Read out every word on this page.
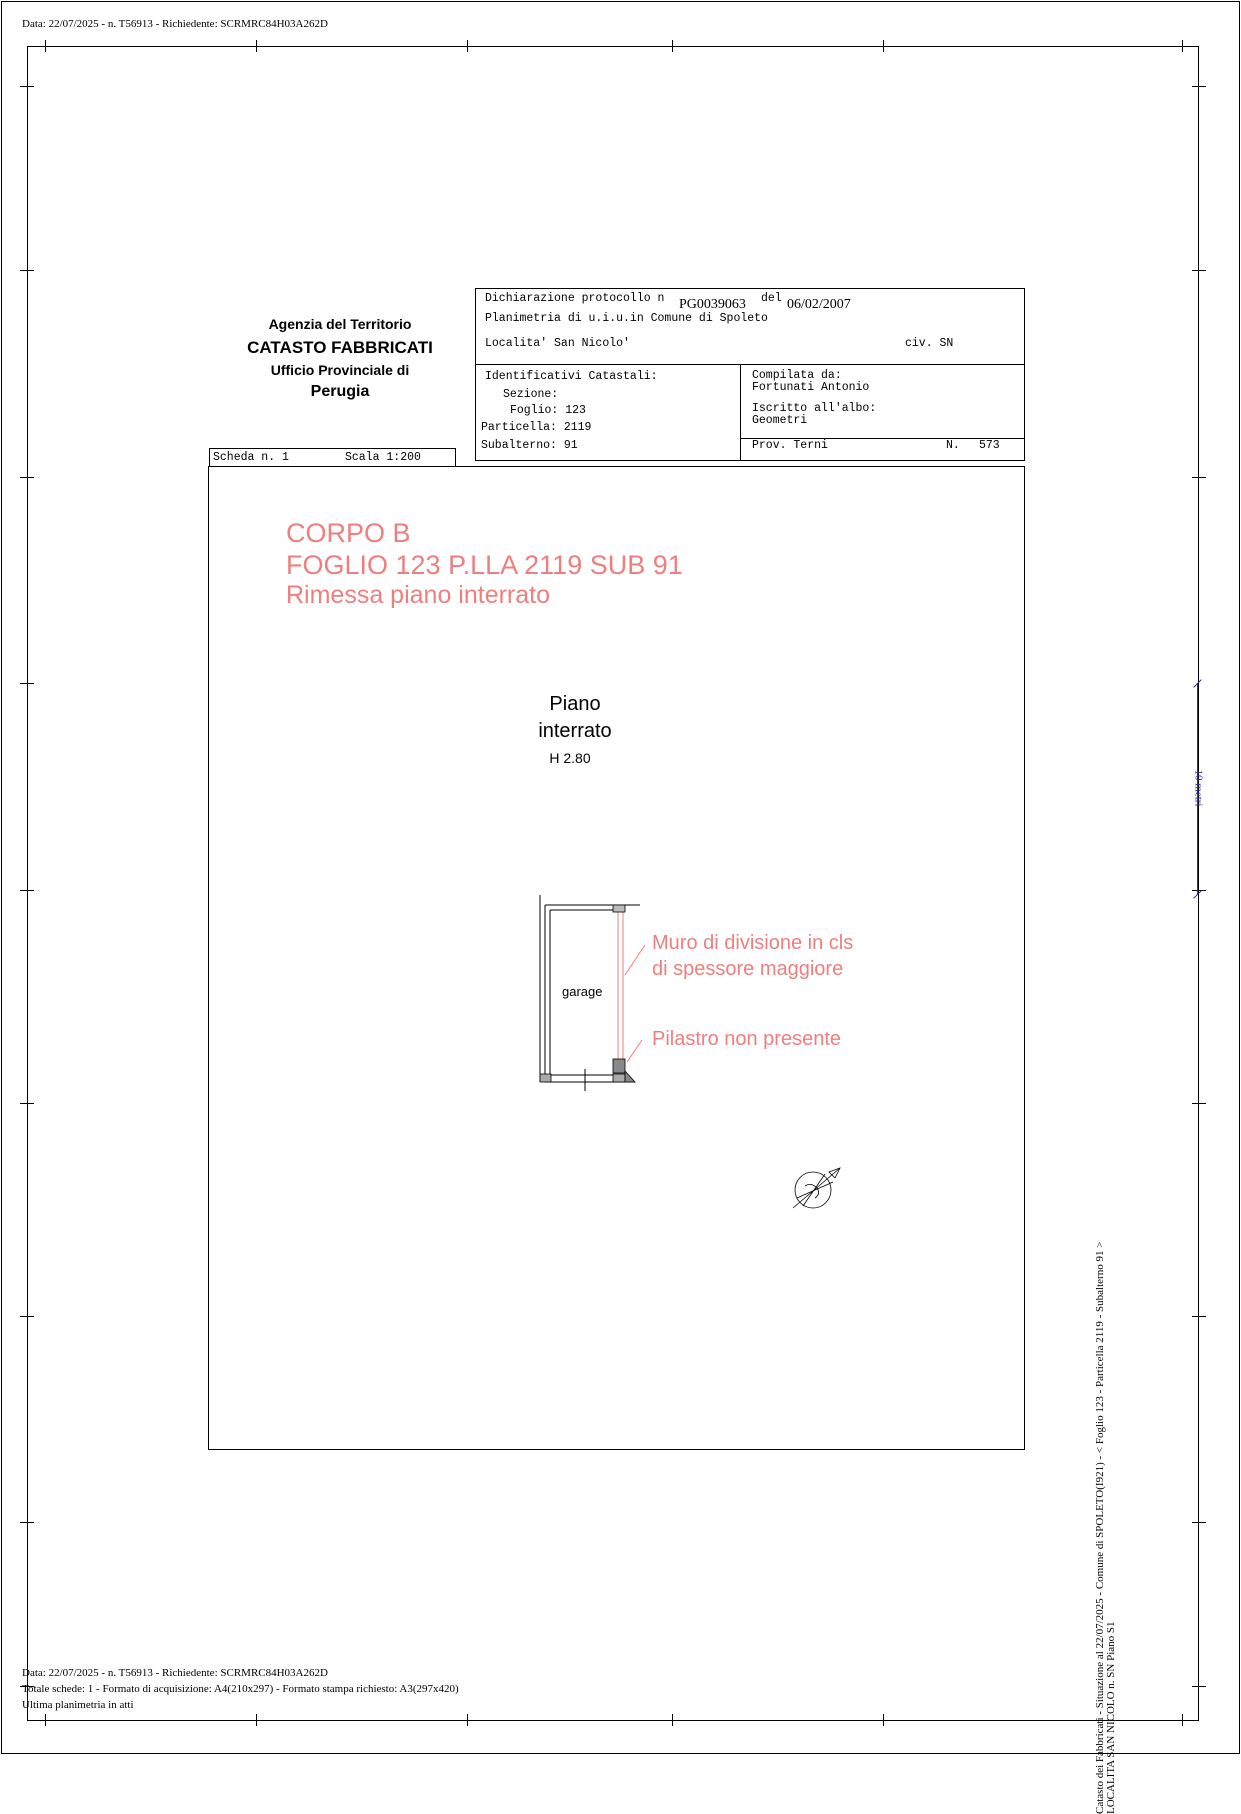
Data: 22/07/2025 - n. T56913 - Richiedente: SCRMRC84H03A262D
Agenzia del Territorio
CATASTO FABBRICATI
Ufficio Provinciale di
Perugia
Dichiarazione protocollo n PG0039063 del 06/02/2007
Planimetria di u.i.u.in Comune di Spoleto
Localita' San Nicolo'	civ. SN
Identificativi Catastali:
Sezione:
Foglio: 123
Particella: 2119
Subalterno: 91
Compilata da:
Fortunati Antonio
Iscritto all'albo:
Geometri
Prov. Terni	N. 573
Scheda n. 1	Scala 1:200
CORPO B
FOGLIO 123 P.LLA 2119 SUB 91
Rimessa piano interrato
Piano
interrato
H 2.80
garage
Muro di divisione in cls
di spessore maggiore
Pilastro non presente
10 metri
Catasto dei Fabbricati - Situazione al 22/07/2025 - Comune di SPOLETO(I921) - < Foglio 123 - Particella 2119 - Subalterno 91 > LOCALITA SAN NICOLO n. SN Piano S1
Data: 22/07/2025 - n. T56913 - Richiedente: SCRMRC84H03A262D
Totale schede: 1 - Formato di acquisizione: A4(210x297) - Formato stampa richiesto: A3(297x420)
Ultima planimetria in atti
